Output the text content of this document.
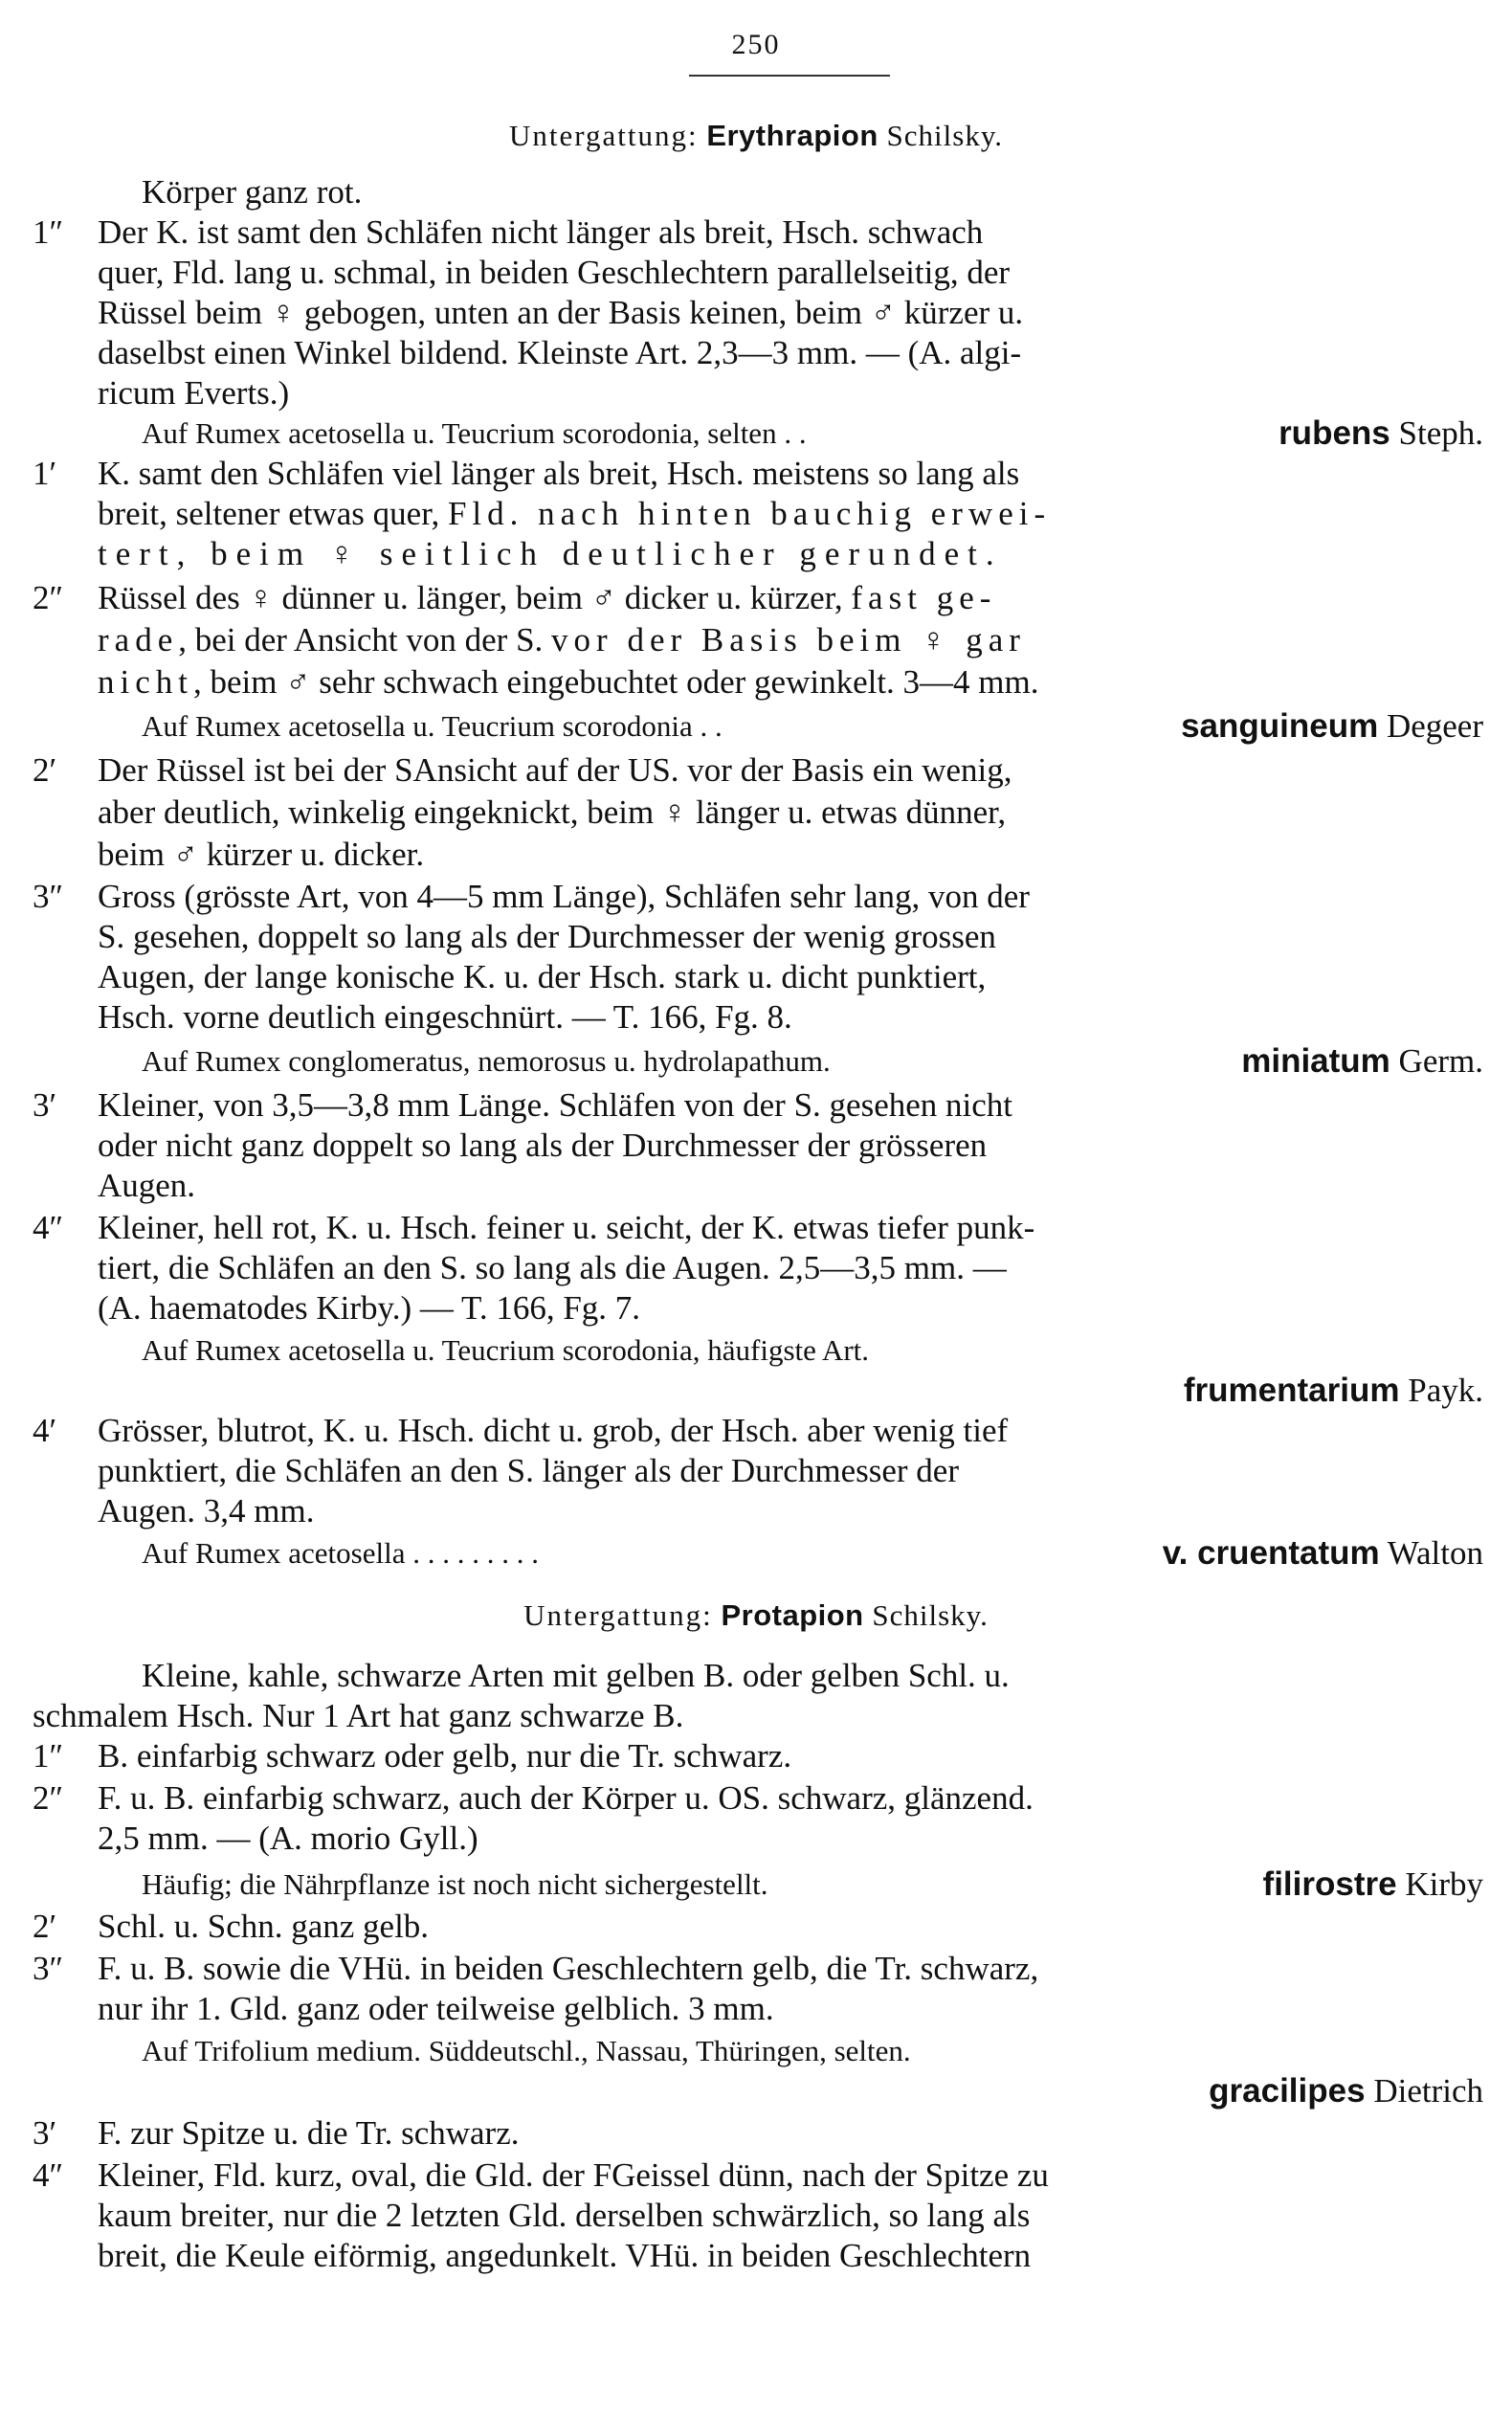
250
Untergattung: Erythrapion Schilsky.
Körper ganz rot.
1″	Der K. ist samt den Schläfen nicht länger als breit, Hsch. schwach
quer, Fld. lang u. schmal, in beiden Geschlechtern parallelseitig, der
Rüssel beim ♀ gebogen, unten an der Basis keinen, beim ♂ kürzer u.
daselbst einen Winkel bildend. Kleinste Art. 2,3—3 mm. — (A. algi-
ricum Everts.)
Auf Rumex acetosella u. Teucrium scorodonia, selten . .	rubens Steph.
1′	K. samt den Schläfen viel länger als breit, Hsch. meistens so lang als
breit, seltener etwas quer, Fld. nach hinten bauchig erwei-
tert, beim ♀ seitlich deutlicher gerundet.
2″	Rüssel des ♀ dünner u. länger, beim ♂ dicker u. kürzer, fast ge-
rade, bei der Ansicht von der S. vor der Basis beim ♀ gar
nicht, beim ♂ sehr schwach eingebuchtet oder gewinkelt. 3—4 mm.
Auf Rumex acetosella u. Teucrium scorodonia . .	sanguineum Degeer
2′	Der Rüssel ist bei der SAnsicht auf der US. vor der Basis ein wenig,
aber deutlich, winkelig eingeknickt, beim ♀ länger u. etwas dünner,
beim ♂ kürzer u. dicker.
3″	Gross (grösste Art, von 4—5 mm Länge), Schläfen sehr lang, von der
S. gesehen, doppelt so lang als der Durchmesser der wenig grossen
Augen, der lange konische K. u. der Hsch. stark u. dicht punktiert,
Hsch. vorne deutlich eingeschnürt. — T. 166, Fg. 8.
Auf Rumex conglomeratus, nemorosus u. hydrolapathum.	miniatum Germ.
3′	Kleiner, von 3,5—3,8 mm Länge. Schläfen von der S. gesehen nicht
oder nicht ganz doppelt so lang als der Durchmesser der grösseren
Augen.
4″	Kleiner, hell rot, K. u. Hsch. feiner u. seicht, der K. etwas tiefer punk-
tiert, die Schläfen an den S. so lang als die Augen. 2,5—3,5 mm. —
(A. haematodes Kirby.) — T. 166, Fg. 7.
Auf Rumex acetosella u. Teucrium scorodonia, häufigste Art.
frumentarium Payk.
4′	Grösser, blutrot, K. u. Hsch. dicht u. grob, der Hsch. aber wenig tief
punktiert, die Schläfen an den S. länger als der Durchmesser der
Augen. 3,4 mm.
Auf Rumex acetosella . . . . . . . . .	v. cruentatum Walton
Untergattung: Protapion Schilsky.
Kleine, kahle, schwarze Arten mit gelben B. oder gelben Schl. u.
schmalem Hsch. Nur 1 Art hat ganz schwarze B.
1″	B. einfarbig schwarz oder gelb, nur die Tr. schwarz.
2″	F. u. B. einfarbig schwarz, auch der Körper u. OS. schwarz, glänzend.
2,5 mm. — (A. morio Gyll.)
Häufig; die Nährpflanze ist noch nicht sichergestellt.	filirostre Kirby
2′	Schl. u. Schn. ganz gelb.
3″	F. u. B. sowie die VHü. in beiden Geschlechtern gelb, die Tr. schwarz,
nur ihr 1. Gld. ganz oder teilweise gelblich. 3 mm.
Auf Trifolium medium. Süddeutschl., Nassau, Thüringen, selten.
gracilipes Dietrich
3′	F. zur Spitze u. die Tr. schwarz.
4″	Kleiner, Fld. kurz, oval, die Gld. der FGeissel dünn, nach der Spitze zu
kaum breiter, nur die 2 letzten Gld. derselben schwärzlich, so lang als
breit, die Keule eiförmig, angedunkelt. VHü. in beiden Geschlechtern
